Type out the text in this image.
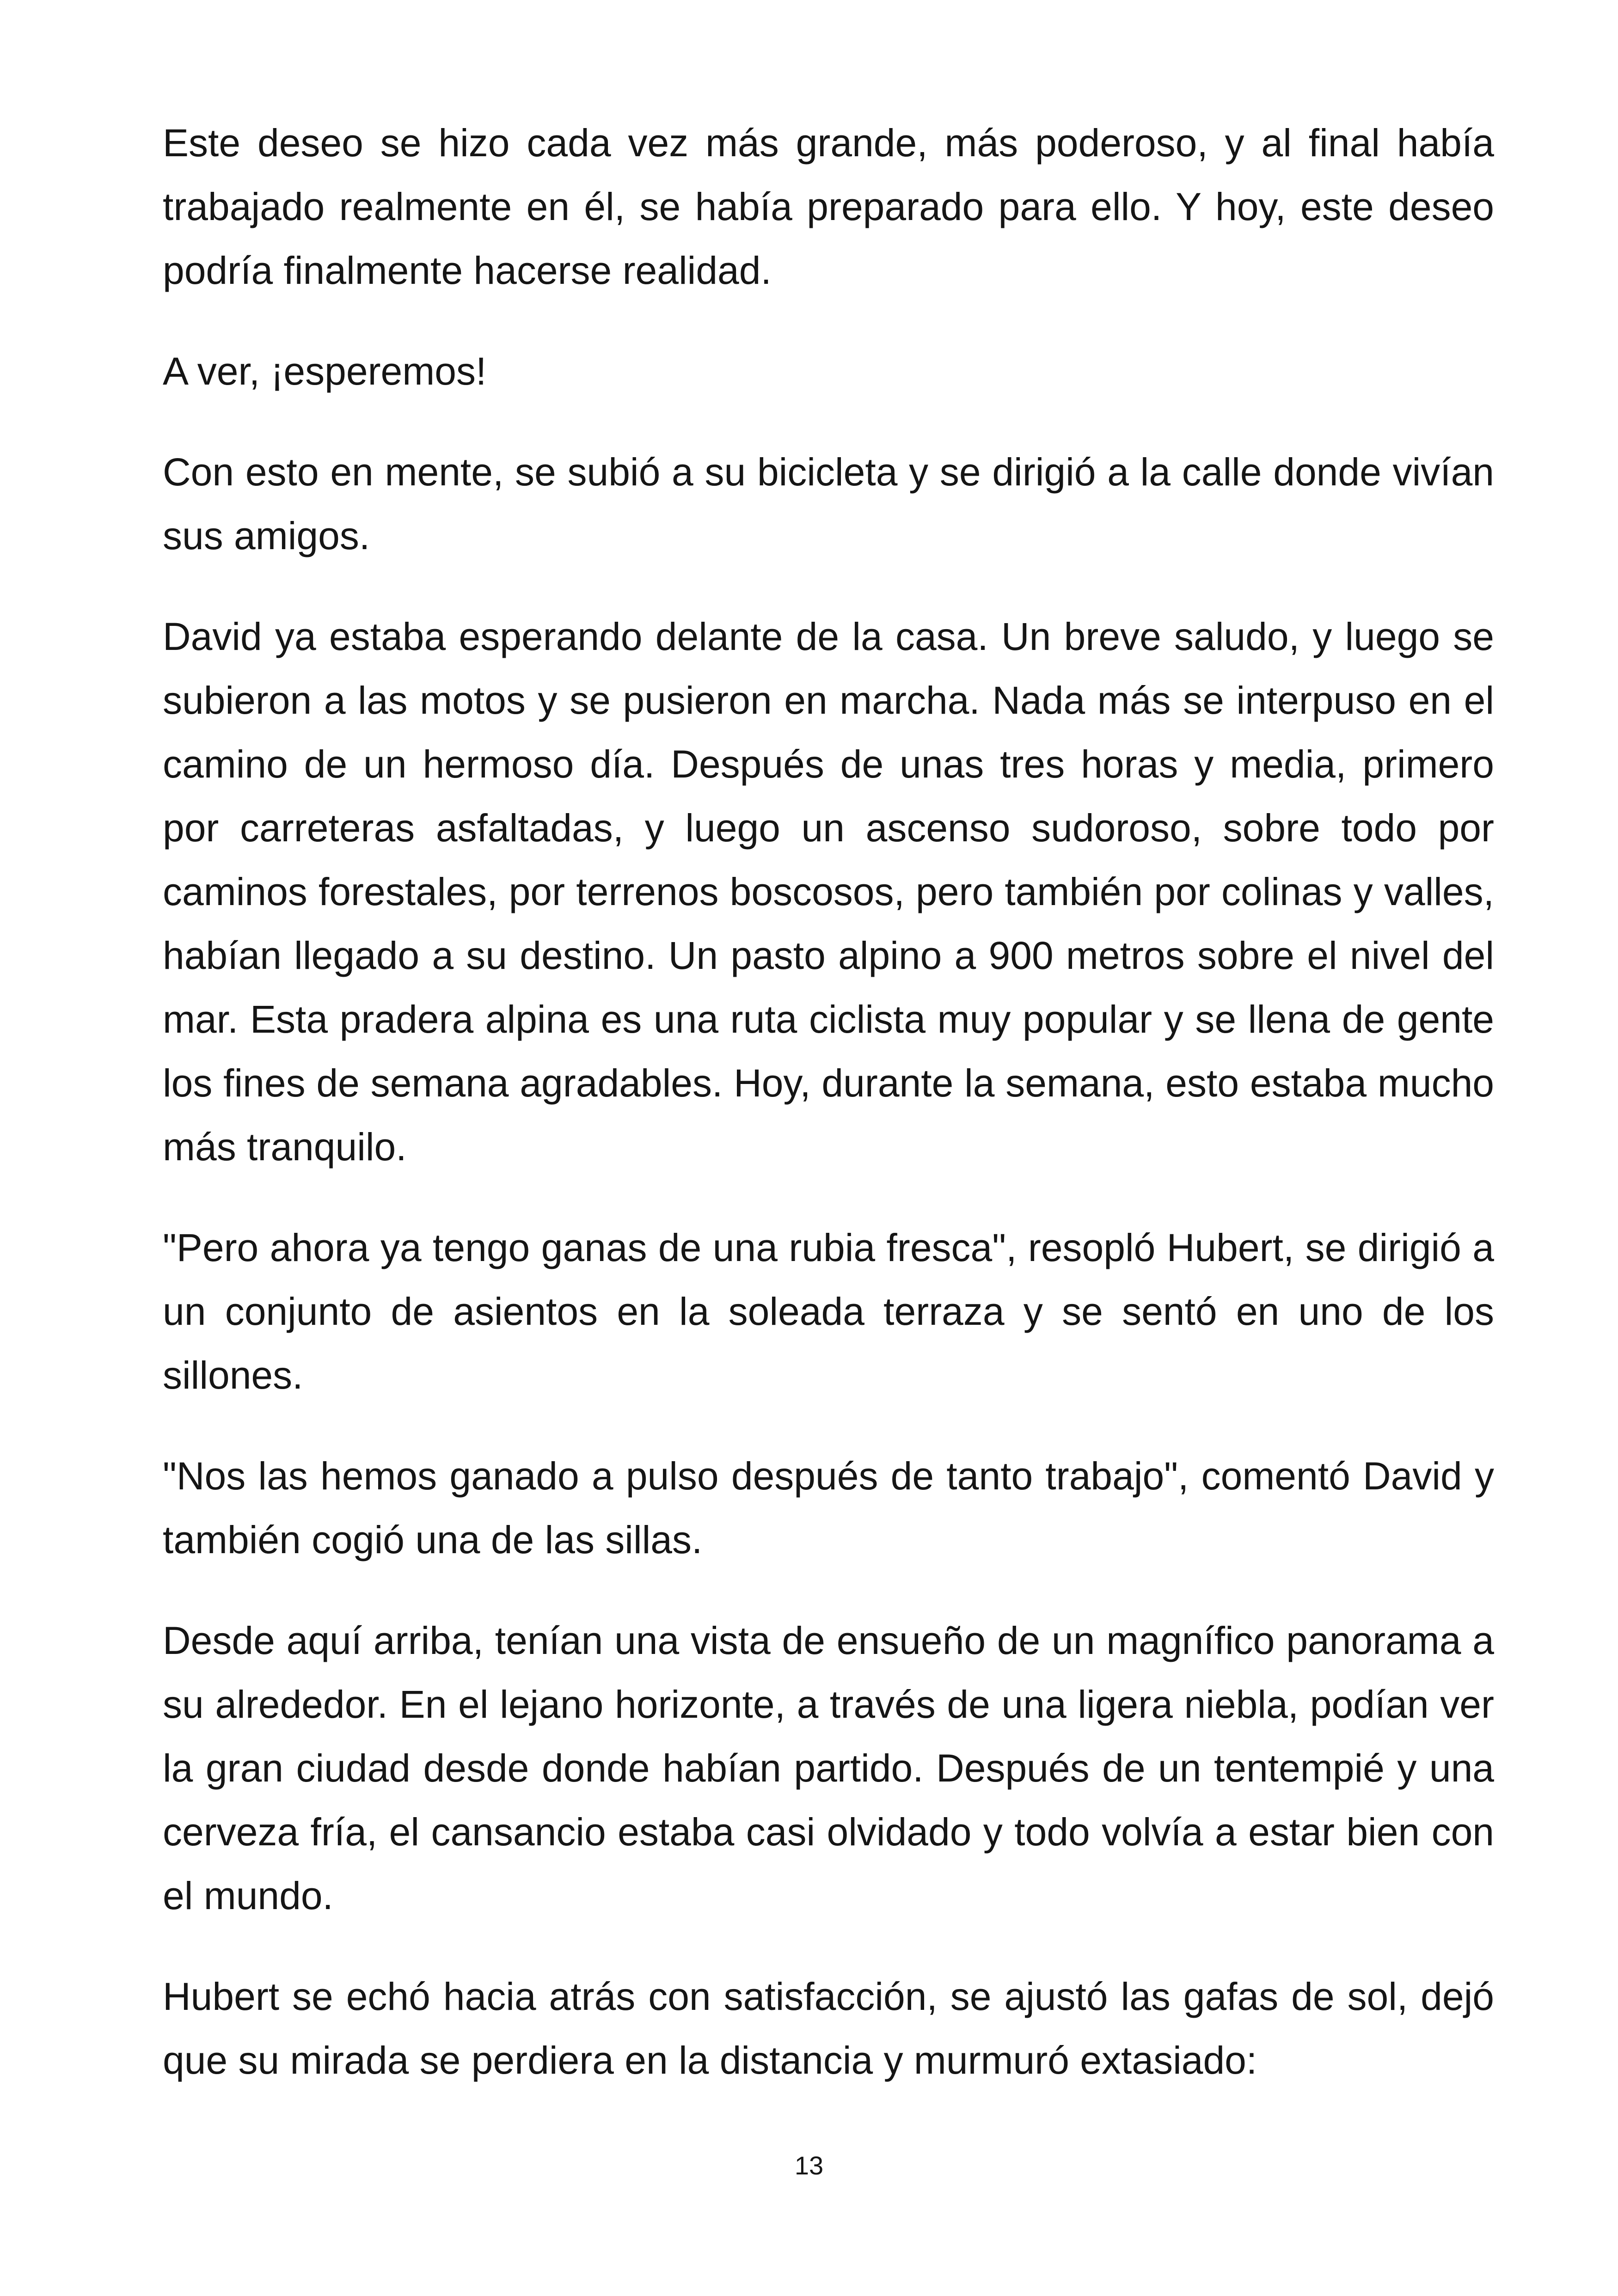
Este deseo se hizo cada vez más grande, más poderoso, y al final había trabajado realmente en él, se había preparado para ello. Y hoy, este deseo podría finalmente hacerse realidad.

A ver, ¡esperemos!

Con esto en mente, se subió a su bicicleta y se dirigió a la calle donde vivían sus amigos.

David ya estaba esperando delante de la casa. Un breve saludo, y luego se subieron a las motos y se pusieron en marcha. Nada más se interpuso en el camino de un hermoso día. Después de unas tres horas y media, primero por carreteras asfaltadas, y luego un ascenso sudoroso, sobre todo por caminos forestales, por terrenos boscosos, pero también por colinas y valles, habían llegado a su destino. Un pasto alpino a 900 metros sobre el nivel del mar. Esta pradera alpina es una ruta ciclista muy popular y se llena de gente los fines de semana agradables. Hoy, durante la semana, esto estaba mucho más tranquilo.

"Pero ahora ya tengo ganas de una rubia fresca", resopló Hubert, se dirigió a un conjunto de asientos en la soleada terraza y se sentó en uno de los sillones.

"Nos las hemos ganado a pulso después de tanto trabajo", comentó David y también cogió una de las sillas.

Desde aquí arriba, tenían una vista de ensueño de un magnífico panorama a su alrededor. En el lejano horizonte, a través de una ligera niebla, podían ver la gran ciudad desde donde habían partido. Después de un tentempié y una cerveza fría, el cansancio estaba casi olvidado y todo volvía a estar bien con el mundo.

Hubert se echó hacia atrás con satisfacción, se ajustó las gafas de sol, dejó que su mirada se perdiera en la distancia y murmuró extasiado:

13
